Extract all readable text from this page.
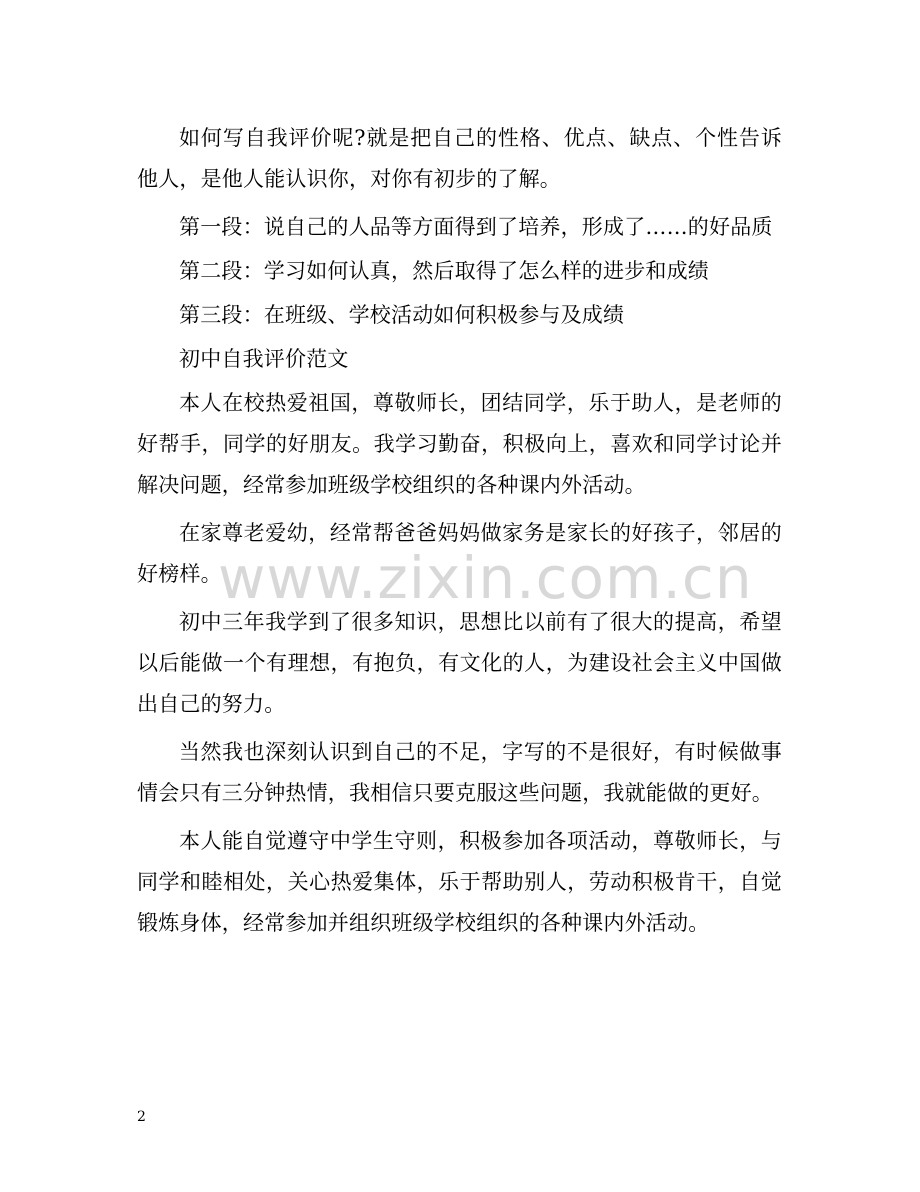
www.zixin.com.cn

如何写自我评价呢?就是把自己的性格、优点、缺点、个性告诉他人，是他人能认识你，对你有初步的了解。

第一段：说自己的人品等方面得到了培养，形成了……的好品质

第二段：学习如何认真，然后取得了怎么样的进步和成绩

第三段：在班级、学校活动如何积极参与及成绩

初中自我评价范文

本人在校热爱祖国，尊敬师长，团结同学，乐于助人，是老师的好帮手，同学的好朋友。我学习勤奋，积极向上，喜欢和同学讨论并解决问题，经常参加班级学校组织的各种课内外活动。

在家尊老爱幼，经常帮爸爸妈妈做家务是家长的好孩子，邻居的好榜样。

初中三年我学到了很多知识，思想比以前有了很大的提高，希望以后能做一个有理想，有抱负，有文化的人，为建设社会主义中国做出自己的努力。

当然我也深刻认识到自己的不足，字写的不是很好，有时候做事情会只有三分钟热情，我相信只要克服这些问题，我就能做的更好。

本人能自觉遵守中学生守则，积极参加各项活动，尊敬师长，与同学和睦相处，关心热爱集体，乐于帮助别人，劳动积极肯干，自觉锻炼身体，经常参加并组织班级学校组织的各种课内外活动。

2
